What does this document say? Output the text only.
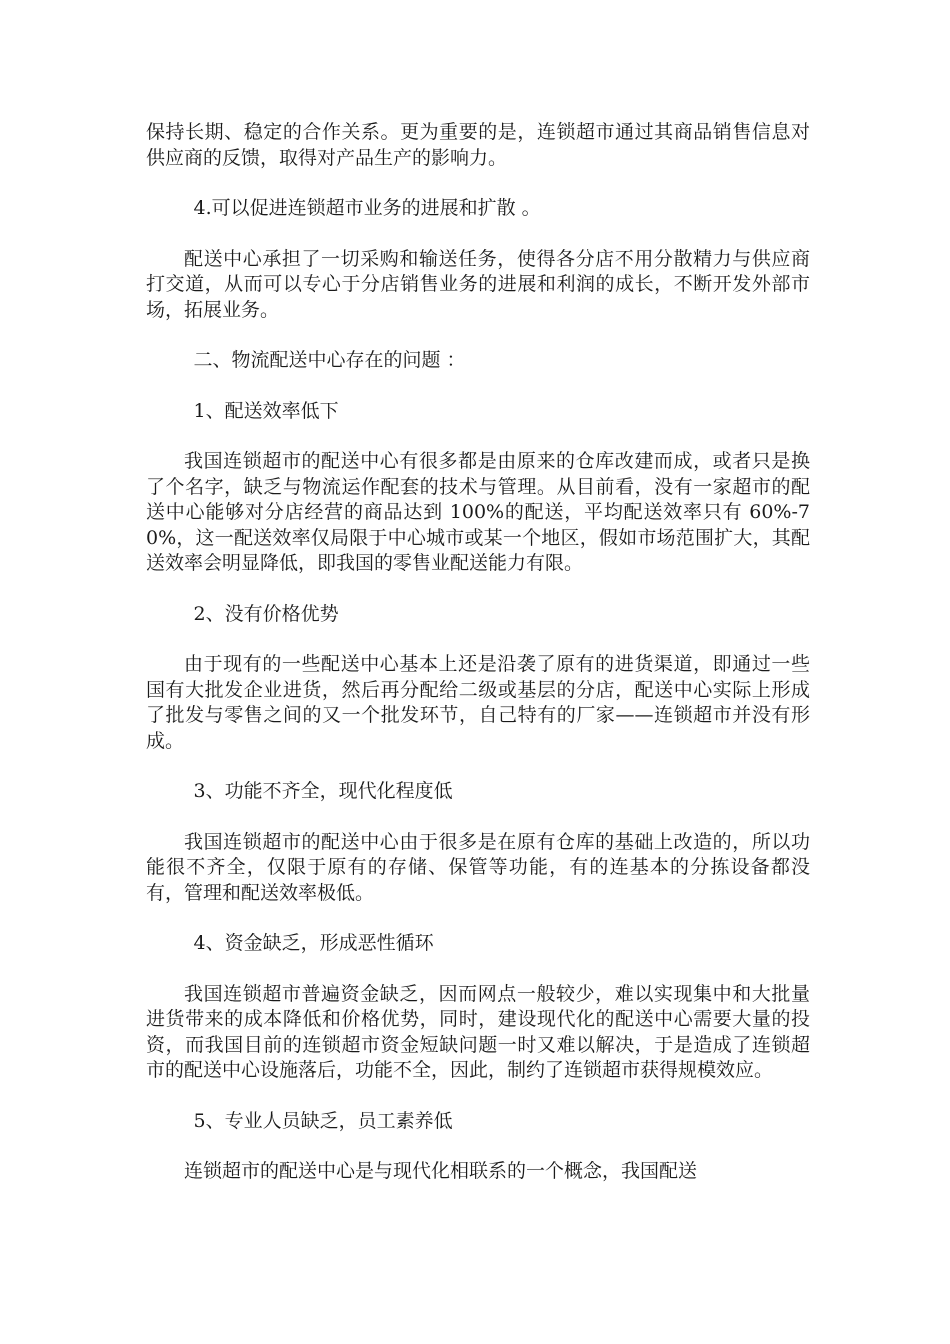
保持长期、稳定的合作关系。更为重要的是，连锁超市通过其商品销售信息对供应商的反馈，取得对产品生产的影响力。

4.可以促进连锁超市业务的进展和扩散 。

配送中心承担了一切采购和输送任务，使得各分店不用分散精力与供应商打交道，从而可以专心于分店销售业务的进展和利润的成长，不断开发外部市场，拓展业务。

二、物流配送中心存在的问题 ：

1、配送效率低下

我国连锁超市的配送中心有很多都是由原来的仓库改建而成，或者只是换了个名字，缺乏与物流运作配套的技术与管理。从目前看，没有一家超市的配送中心能够对分店经营的商品达到 100%的配送，平均配送效率只有 60%-70%，这一配送效率仅局限于中心城市或某一个地区，假如市场范围扩大，其配送效率会明显降低，即我国的零售业配送能力有限。

2、没有价格优势

由于现有的一些配送中心基本上还是沿袭了原有的进货渠道，即通过一些国有大批发企业进货，然后再分配给二级或基层的分店，配送中心实际上形成了批发与零售之间的又一个批发环节，自己特有的厂家——连锁超市并没有形成。

3、功能不齐全，现代化程度低

我国连锁超市的配送中心由于很多是在原有仓库的基础上改造的，所以功能很不齐全，仅限于原有的存储、保管等功能，有的连基本的分拣设备都没有，管理和配送效率极低。

4、资金缺乏，形成恶性循环

我国连锁超市普遍资金缺乏，因而网点一般较少，难以实现集中和大批量进货带来的成本降低和价格优势，同时，建设现代化的配送中心需要大量的投资，而我国目前的连锁超市资金短缺问题一时又难以解决，于是造成了连锁超市的配送中心设施落后，功能不全，因此，制约了连锁超市获得规模效应。

5、专业人员缺乏，员工素养低

连锁超市的配送中心是与现代化相联系的一个概念，我国配送
